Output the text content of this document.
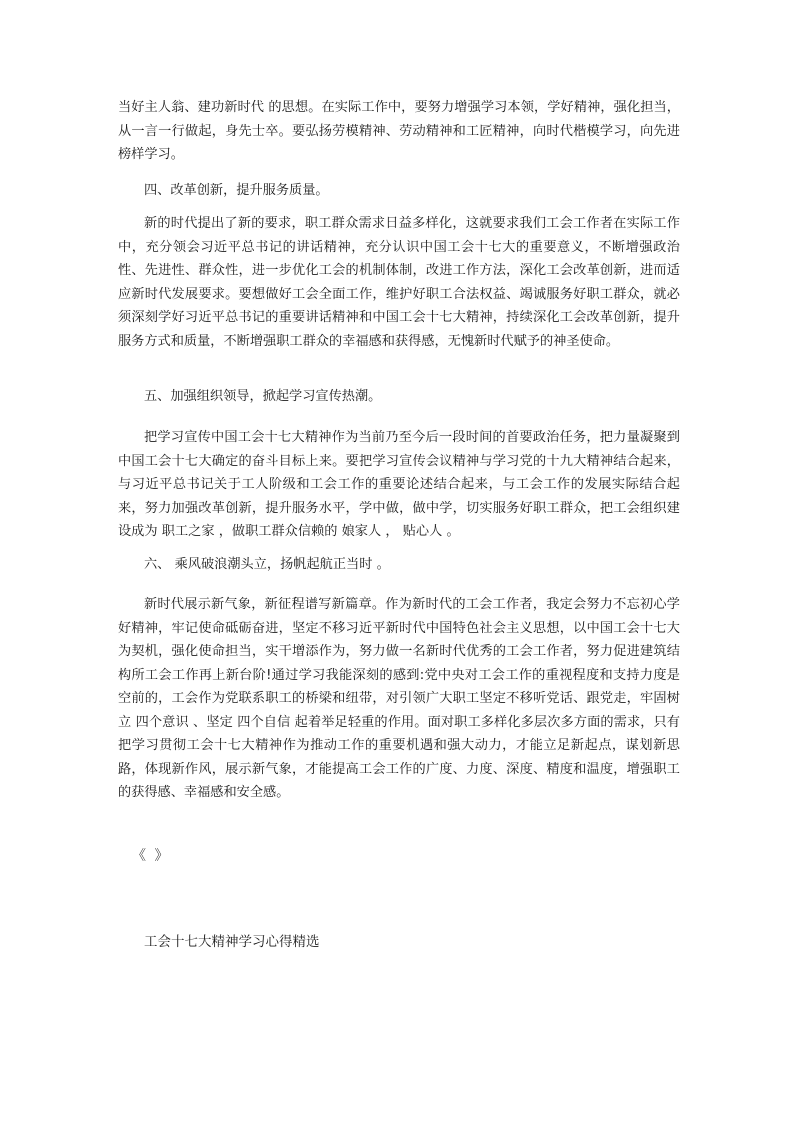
当好主人翁、建功新时代 的思想。在实际工作中，要努力增强学习本领，学好精神，强化担当，从一言一行做起，身先士卒。要弘扬劳模精神、劳动精神和工匠精神，向时代楷模学习，向先进榜样学习。

四、改革创新，提升服务质量。

新的时代提出了新的要求，职工群众需求日益多样化，这就要求我们工会工作者在实际工作中，充分领会习近平总书记的讲话精神，充分认识中国工会十七大的重要意义，不断增强政治性、先进性、群众性，进一步优化工会的机制体制，改进工作方法，深化工会改革创新，进而适应新时代发展要求。要想做好工会全面工作，维护好职工合法权益、竭诚服务好职工群众，就必须深刻学好习近平总书记的重要讲话精神和中国工会十七大精神，持续深化工会改革创新，提升服务方式和质量，不断增强职工群众的幸福感和获得感，无愧新时代赋予的神圣使命。

五、加强组织领导，掀起学习宣传热潮。

把学习宣传中国工会十七大精神作为当前乃至今后一段时间的首要政治任务，把力量凝聚到中国工会十七大确定的奋斗目标上来。要把学习宣传会议精神与学习党的十九大精神结合起来，与习近平总书记关于工人阶级和工会工作的重要论述结合起来，与工会工作的发展实际结合起来，努力加强改革创新，提升服务水平，学中做，做中学，切实服务好职工群众，把工会组织建设成为 职工之家 ，做职工群众信赖的 娘家人 ， 贴心人 。

六、 乘风破浪潮头立，扬帆起航正当时 。

新时代展示新气象，新征程谱写新篇章。作为新时代的工会工作者，我定会努力不忘初心学好精神，牢记使命砥砺奋进，坚定不移习近平新时代中国特色社会主义思想，以中国工会十七大为契机，强化使命担当，实干增添作为，努力做一名新时代优秀的工会工作者，努力促进建筑结构所工会工作再上新台阶!通过学习我能深刻的感到:党中央对工会工作的重视程度和支持力度是空前的，工会作为党联系职工的桥梁和纽带，对引领广大职工坚定不移听党话、跟党走，牢固树立 四个意识 、坚定 四个自信 起着举足轻重的作用。面对职工多样化多层次多方面的需求，只有把学习贯彻工会十七大精神作为推动工作的重要机遇和强大动力，才能立足新起点，谋划新思路，体现新作风，展示新气象，才能提高工会工作的广度、力度、深度、精度和温度，增强职工的获得感、幸福感和安全感。

《 》
工会十七大精神学习心得精选
